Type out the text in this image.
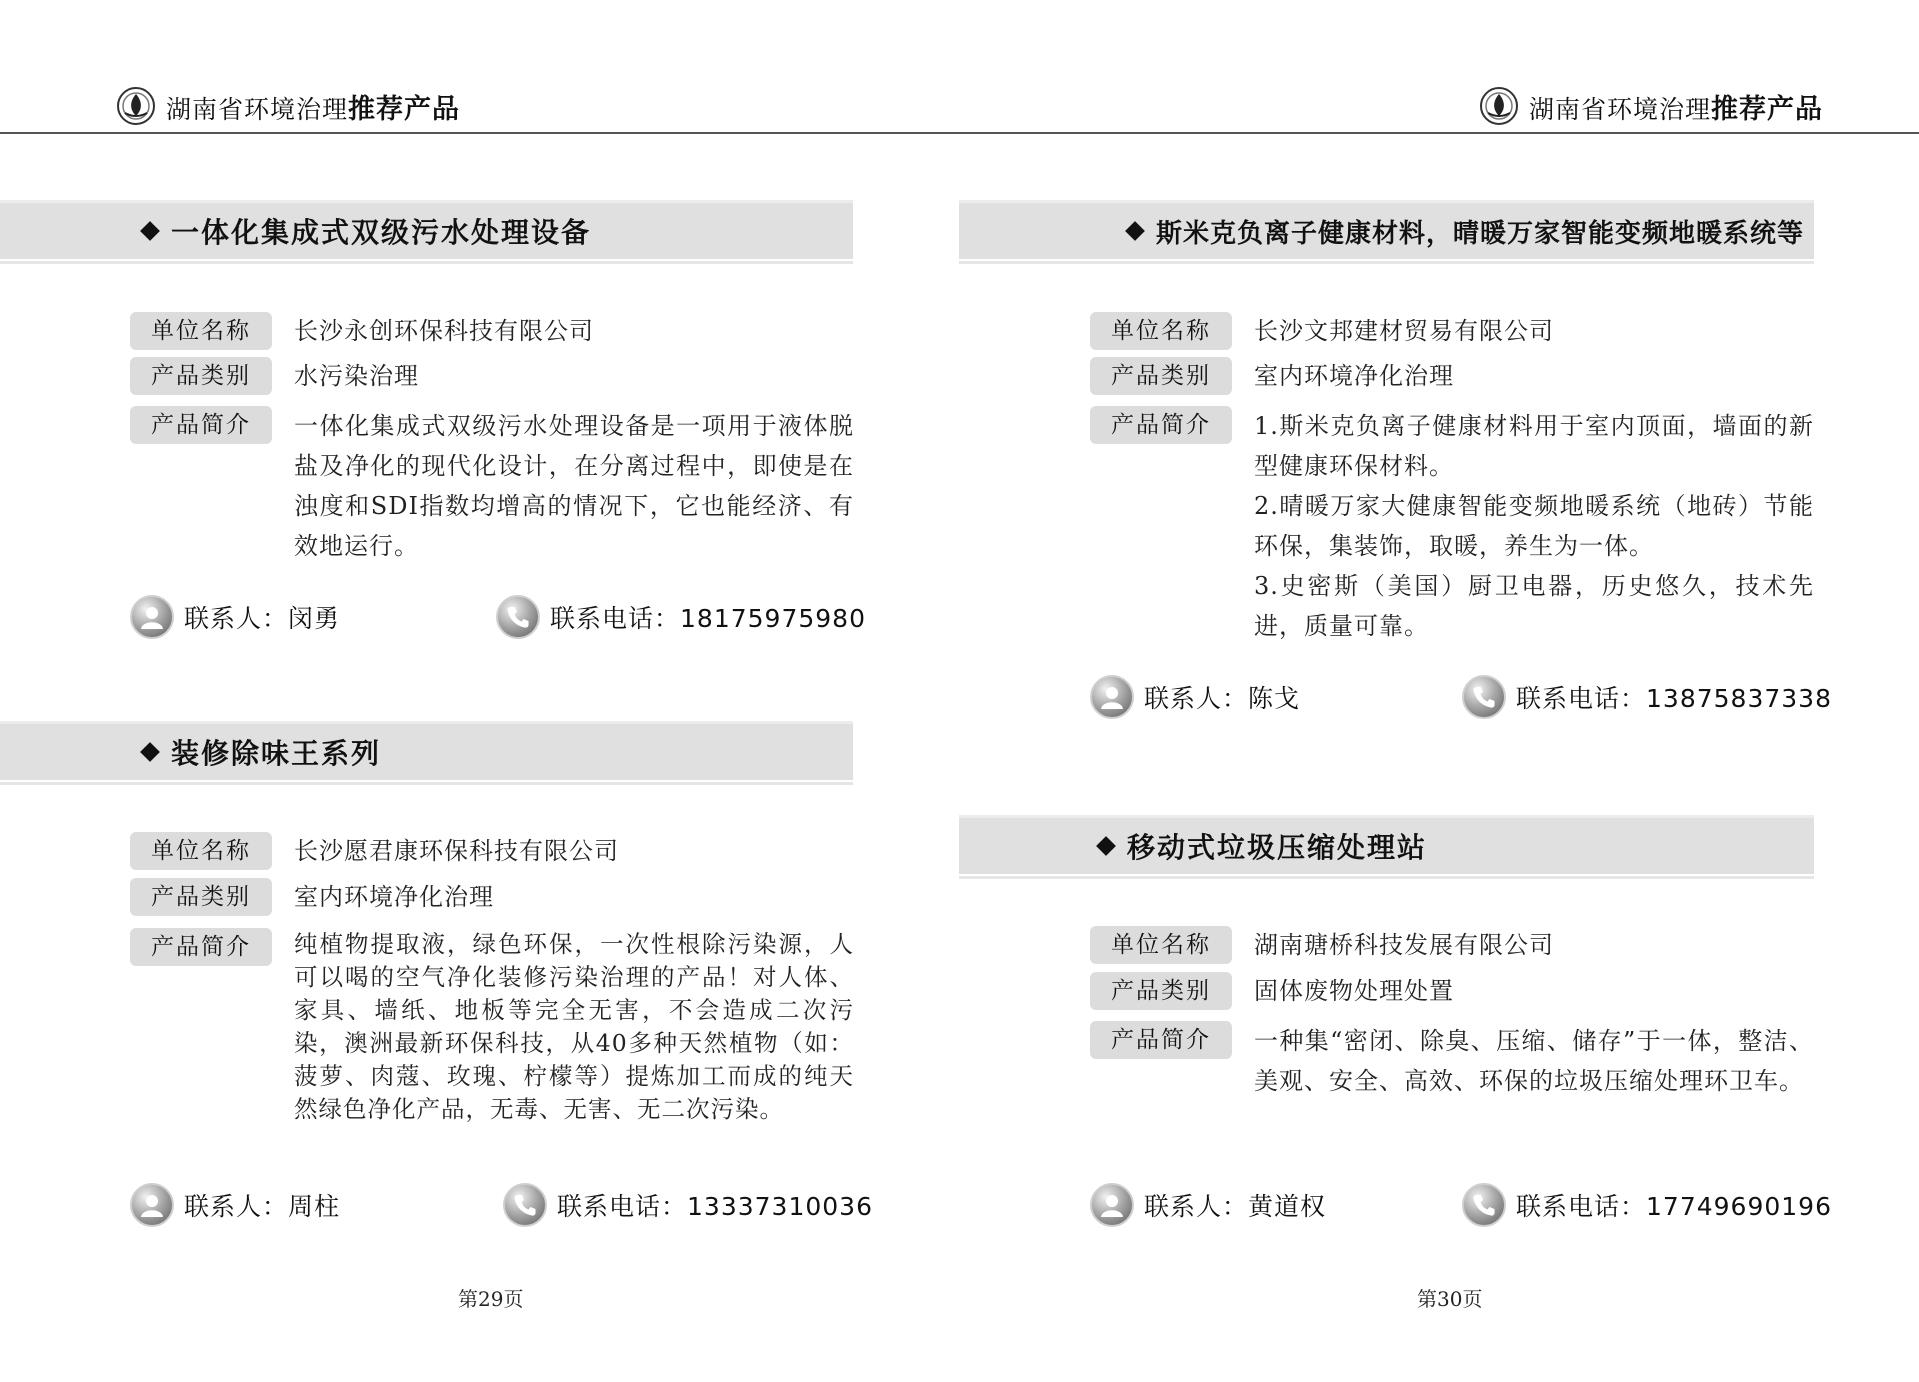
湖南省环境治理推荐产品
一体化集成式双级污水处理设备
单位名称	长沙永创环保科技有限公司
产品类别	水污染治理
产品简介	一体化集成式双级污水处理设备是一项用于液体脱盐及净化的现代化设计，在分离过程中，即使是在浊度和SDI指数均增高的情况下，它也能经济、有效地运行。

联系人：闵勇	联系电话：18175975980
装修除味王系列
单位名称	长沙愿君康环保科技有限公司
产品类别	室内环境净化治理
产品简介	纯植物提取液，绿色环保，一次性根除污染源，人可以喝的空气净化装修污染治理的产品！对人体、家具、墙纸、地板等完全无害，不会造成二次污染，澳洲最新环保科技，从40多种天然植物（如：菠萝、肉蔻、玫瑰、柠檬等）提炼加工而成的纯天然绿色净化产品，无毒、无害、无二次污染。

联系人：周柱	联系电话：13337310036
第29页
湖南省环境治理推荐产品
斯米克负离子健康材料，晴暖万家智能变频地暖系统等
单位名称	长沙文邦建材贸易有限公司
产品类别	室内环境净化治理
产品简介	1.斯米克负离子健康材料用于室内顶面，墙面的新型健康环保材料。

2.晴暖万家大健康智能变频地暖系统（地砖）节能环保，集装饰，取暖，养生为一体。

3.史密斯（美国）厨卫电器，历史悠久，技术先进，质量可靠。

联系人：陈戈	联系电话：13875837338
移动式垃圾压缩处理站
单位名称	湖南瑭桥科技发展有限公司
产品类别	固体废物处理处置
产品简介	一种集“密闭、除臭、压缩、储存”于一体，整洁、美观、安全、高效、环保的垃圾压缩处理环卫车。

联系人：黄道权	联系电话：17749690196
第30页
